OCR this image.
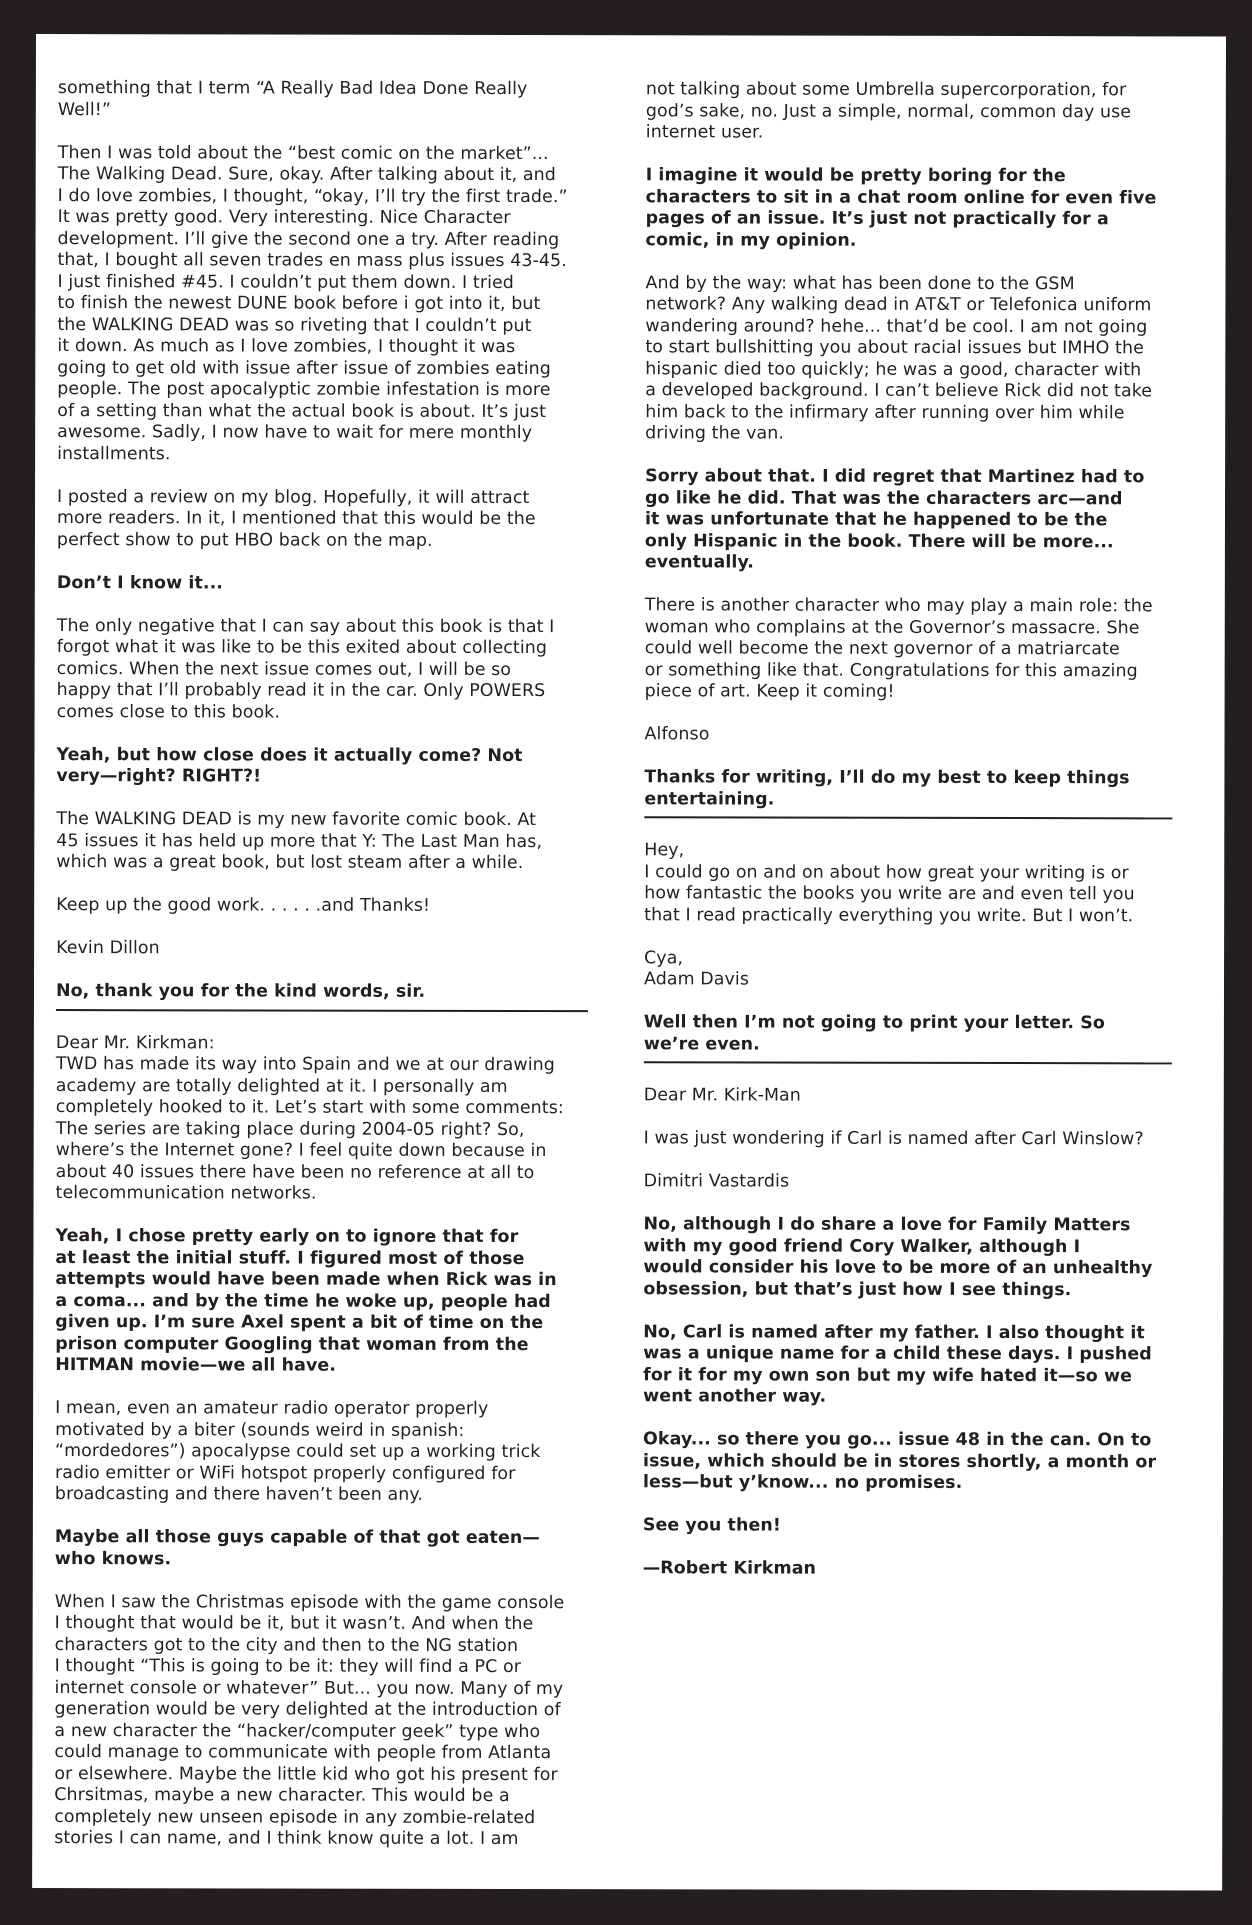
something that I term “A Really Bad Idea Done Really
Well!”

Then I was told about the “best comic on the market”...
The Walking Dead. Sure, okay. After talking about it, and
I do love zombies, I thought, “okay, I’ll try the first trade.”
It was pretty good. Very interesting. Nice Character
development. I’ll give the second one a try. After reading
that, I bought all seven trades en mass plus issues 43-45.
I just finished #45. I couldn’t put them down. I tried
to finish the newest DUNE book before i got into it, but
the WALKING DEAD was so riveting that I couldn’t put
it down. As much as I love zombies, I thought it was
going to get old with issue after issue of zombies eating
people. The post apocalyptic zombie infestation is more
of a setting than what the actual book is about. It’s just
awesome. Sadly, I now have to wait for mere monthly
installments.

I posted a review on my blog. Hopefully, it will attract
more readers. In it, I mentioned that this would be the
perfect show to put HBO back on the map.

Don’t I know it...

The only negative that I can say about this book is that I
forgot what it was like to be this exited about collecting
comics. When the next issue comes out, I will be so
happy that I’ll probably read it in the car. Only POWERS
comes close to this book.

Yeah, but how close does it actually come? Not
very—right? RIGHT?!

The WALKING DEAD is my new favorite comic book. At
45 issues it has held up more that Y: The Last Man has,
which was a great book, but lost steam after a while.

Keep up the good work. . . . . .and Thanks!

Kevin Dillon

No, thank you for the kind words, sir.

Dear Mr. Kirkman:
TWD has made its way into Spain and we at our drawing
academy are totally delighted at it. I personally am
completely hooked to it. Let’s start with some comments:
The series are taking place during 2004-05 right? So,
where’s the Internet gone? I feel quite down because in
about 40 issues there have been no reference at all to
telecommunication networks.

Yeah, I chose pretty early on to ignore that for
at least the initial stuff. I figured most of those
attempts would have been made when Rick was in
a coma... and by the time he woke up, people had
given up. I’m sure Axel spent a bit of time on the
prison computer Googling that woman from the
HITMAN movie—we all have.

I mean, even an amateur radio operator properly
motivated by a biter (sounds weird in spanish:
“mordedores”) apocalypse could set up a working trick
radio emitter or WiFi hotspot properly configured for
broadcasting and there haven’t been any.

Maybe all those guys capable of that got eaten—
who knows.

When I saw the Christmas episode with the game console
I thought that would be it, but it wasn’t. And when the
characters got to the city and then to the NG station
I thought “This is going to be it: they will find a PC or
internet console or whatever” But... you now. Many of my
generation would be very delighted at the introduction of
a new character the “hacker/computer geek” type who
could manage to communicate with people from Atlanta
or elsewhere. Maybe the little kid who got his present for
Chrsitmas, maybe a new character. This would be a
completely new unseen episode in any zombie-related
stories I can name, and I think know quite a lot. I am

not talking about some Umbrella supercorporation, for
god’s sake, no. Just a simple, normal, common day use
internet user.

I imagine it would be pretty boring for the
characters to sit in a chat room online for even five
pages of an issue. It’s just not practically for a
comic, in my opinion.

And by the way: what has been done to the GSM
network? Any walking dead in AT&T or Telefonica uniform
wandering around? hehe... that’d be cool. I am not going
to start bullshitting you about racial issues but IMHO the
hispanic died too quickly; he was a good, character with
a developed background. I can’t believe Rick did not take
him back to the infirmary after running over him while
driving the van.

Sorry about that. I did regret that Martinez had to
go like he did. That was the characters arc—and
it was unfortunate that he happened to be the
only Hispanic in the book. There will be more...
eventually.

There is another character who may play a main role: the
woman who complains at the Governor’s massacre. She
could well become the next governor of a matriarcate
or something like that. Congratulations for this amazing
piece of art. Keep it coming!

Alfonso

Thanks for writing, I’ll do my best to keep things
entertaining.

Hey,
I could go on and on about how great your writing is or
how fantastic the books you write are and even tell you
that I read practically everything you write. But I won’t.

Cya,
Adam Davis

Well then I’m not going to print your letter. So
we’re even.

Dear Mr. Kirk-Man

I was just wondering if Carl is named after Carl Winslow?

Dimitri Vastardis

No, although I do share a love for Family Matters
with my good friend Cory Walker, although I
would consider his love to be more of an unhealthy
obsession, but that’s just how I see things.

No, Carl is named after my father. I also thought it
was a unique name for a child these days. I pushed
for it for my own son but my wife hated it—so we
went another way.

Okay... so there you go... issue 48 in the can. On to
issue, which should be in stores shortly, a month or
less—but y’know... no promises.

See you then!

—Robert Kirkman
